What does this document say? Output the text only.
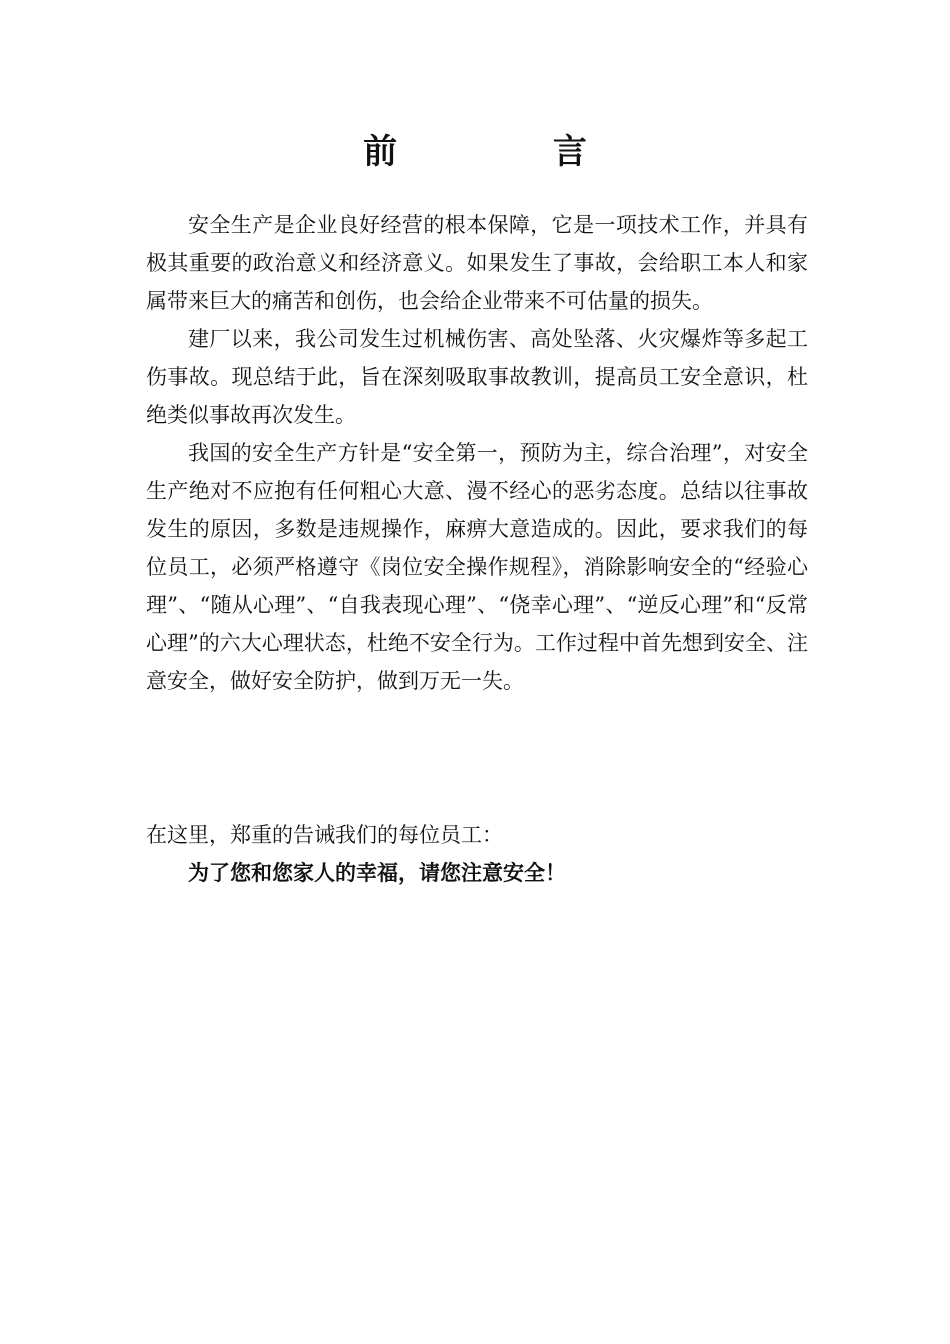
前 言

安全生产是企业良好经营的根本保障，它是一项技术工作，并具有极其重要的政治意义和经济意义。如果发生了事故，会给职工本人和家属带来巨大的痛苦和创伤，也会给企业带来不可估量的损失。

建厂以来，我公司发生过机械伤害、高处坠落、火灾爆炸等多起工伤事故。现总结于此，旨在深刻吸取事故教训，提高员工安全意识，杜绝类似事故再次发生。

我国的安全生产方针是“安全第一，预防为主，综合治理”，对安全生产绝对不应抱有任何粗心大意、漫不经心的恶劣态度。总结以往事故发生的原因，多数是违规操作，麻痹大意造成的。因此，要求我们的每位员工，必须严格遵守《岗位安全操作规程》，消除影响安全的“经验心理”、“随从心理”、“自我表现心理”、“侥幸心理”、“逆反心理”和“反常心理”的六大心理状态，杜绝不安全行为。工作过程中首先想到安全、注意安全，做好安全防护，做到万无一失。

在这里，郑重的告诫我们的每位员工：

为了您和您家人的幸福，请您注意安全！
